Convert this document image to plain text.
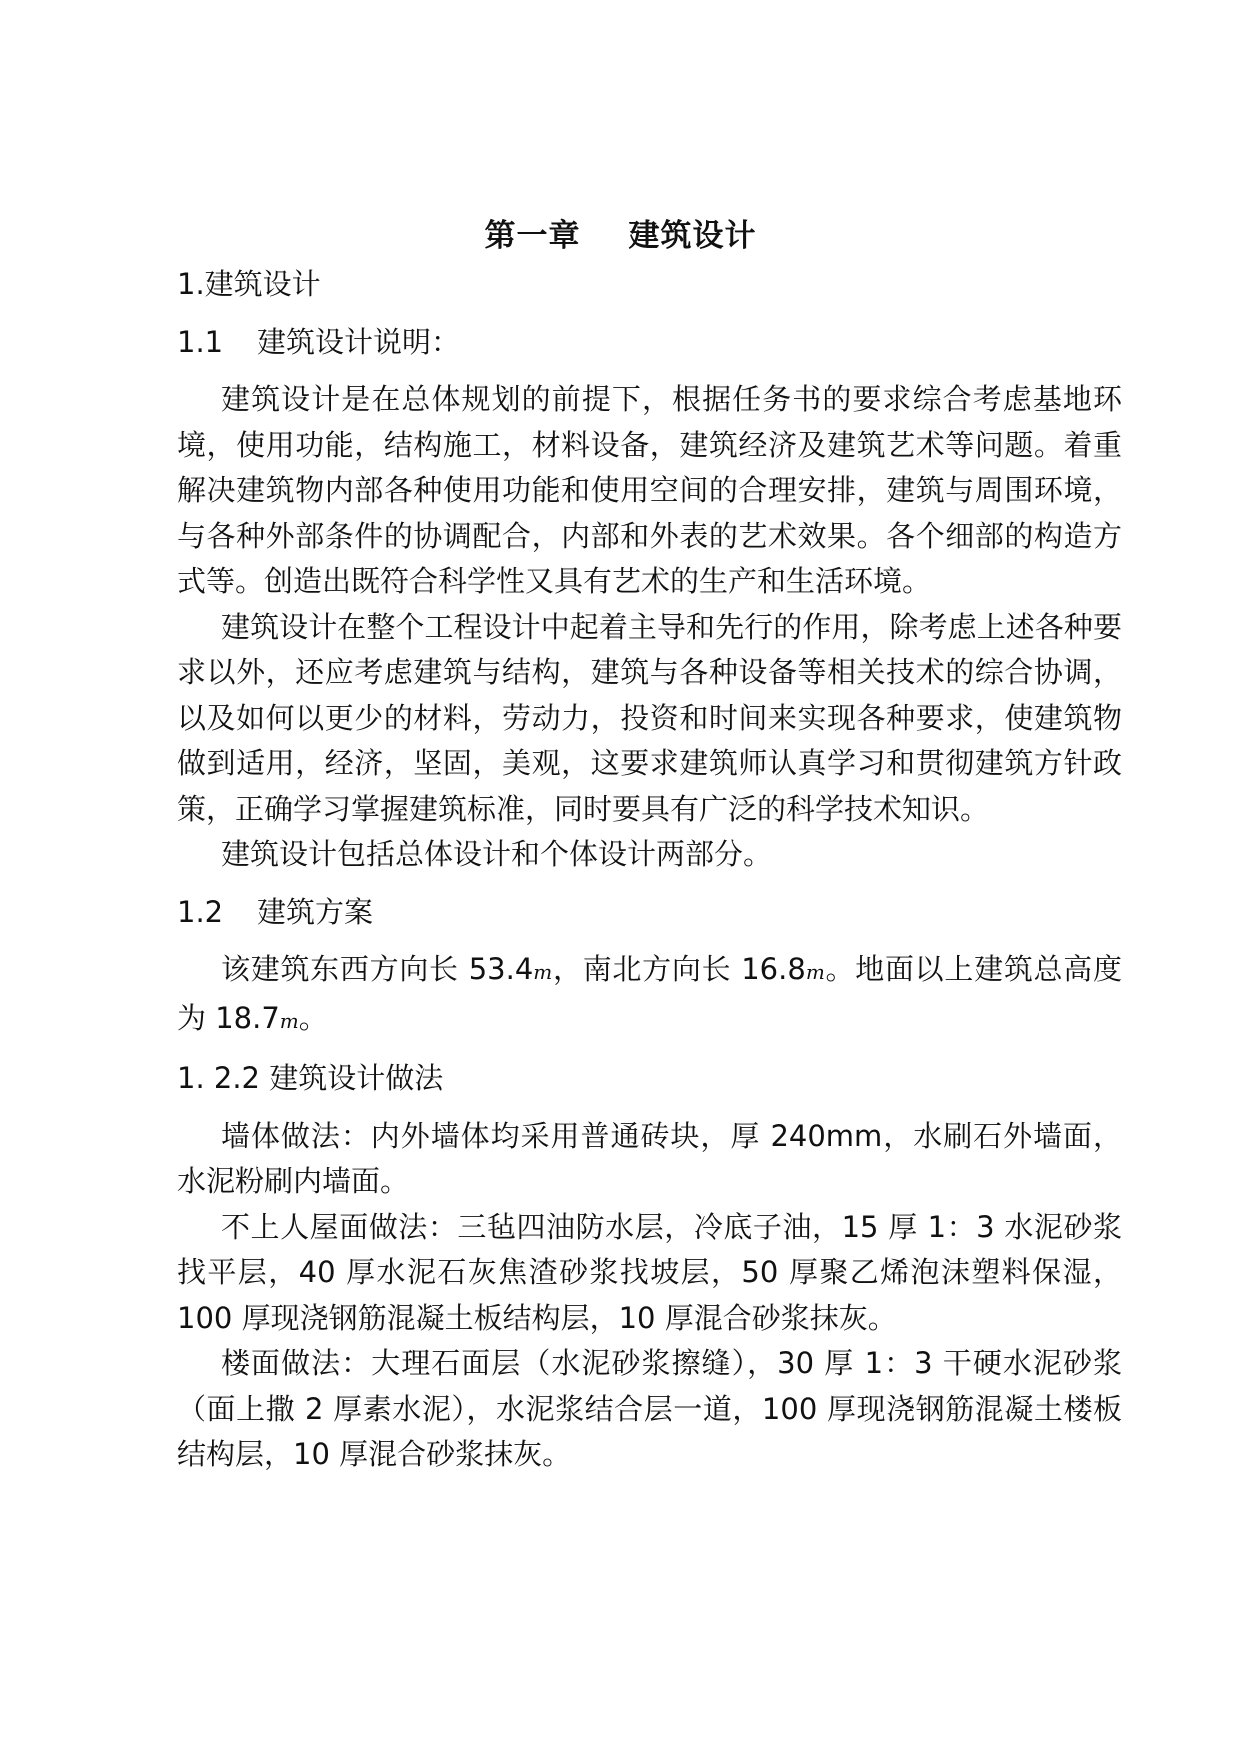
第一章 建筑设计
1.建筑设计
1.1 建筑设计说明：
建筑设计是在总体规划的前提下，根据任务书的要求综合考虑基地环境，使用功能，结构施工，材料设备，建筑经济及建筑艺术等问题。着重解决建筑物内部各种使用功能和使用空间的合理安排，建筑与周围环境，与各种外部条件的协调配合，内部和外表的艺术效果。各个细部的构造方式等。创造出既符合科学性又具有艺术的生产和生活环境。
建筑设计在整个工程设计中起着主导和先行的作用，除考虑上述各种要求以外，还应考虑建筑与结构，建筑与各种设备等相关技术的综合协调，以及如何以更少的材料，劳动力，投资和时间来实现各种要求，使建筑物做到适用，经济，坚固，美观，这要求建筑师认真学习和贯彻建筑方针政策，正确学习掌握建筑标准，同时要具有广泛的科学技术知识。
建筑设计包括总体设计和个体设计两部分。
1.2 建筑方案
该建筑东西方向长 53.4m，南北方向长 16.8m。地面以上建筑总高度为 18.7m。
1. 2.2 建筑设计做法
墙体做法：内外墙体均采用普通砖块，厚 240mm，水刷石外墙面，水泥粉刷内墙面。
不上人屋面做法：三毡四油防水层，冷底子油，15 厚 1：3 水泥砂浆找平层，40 厚水泥石灰焦渣砂浆找坡层，50 厚聚乙烯泡沫塑料保湿， 100 厚现浇钢筋混凝土板结构层，10 厚混合砂浆抹灰。
楼面做法：大理石面层（水泥砂浆擦缝），30 厚 1：3 干硬水泥砂浆（面上撒 2 厚素水泥），水泥浆结合层一道，100 厚现浇钢筋混凝土楼板结构层，10 厚混合砂浆抹灰。
